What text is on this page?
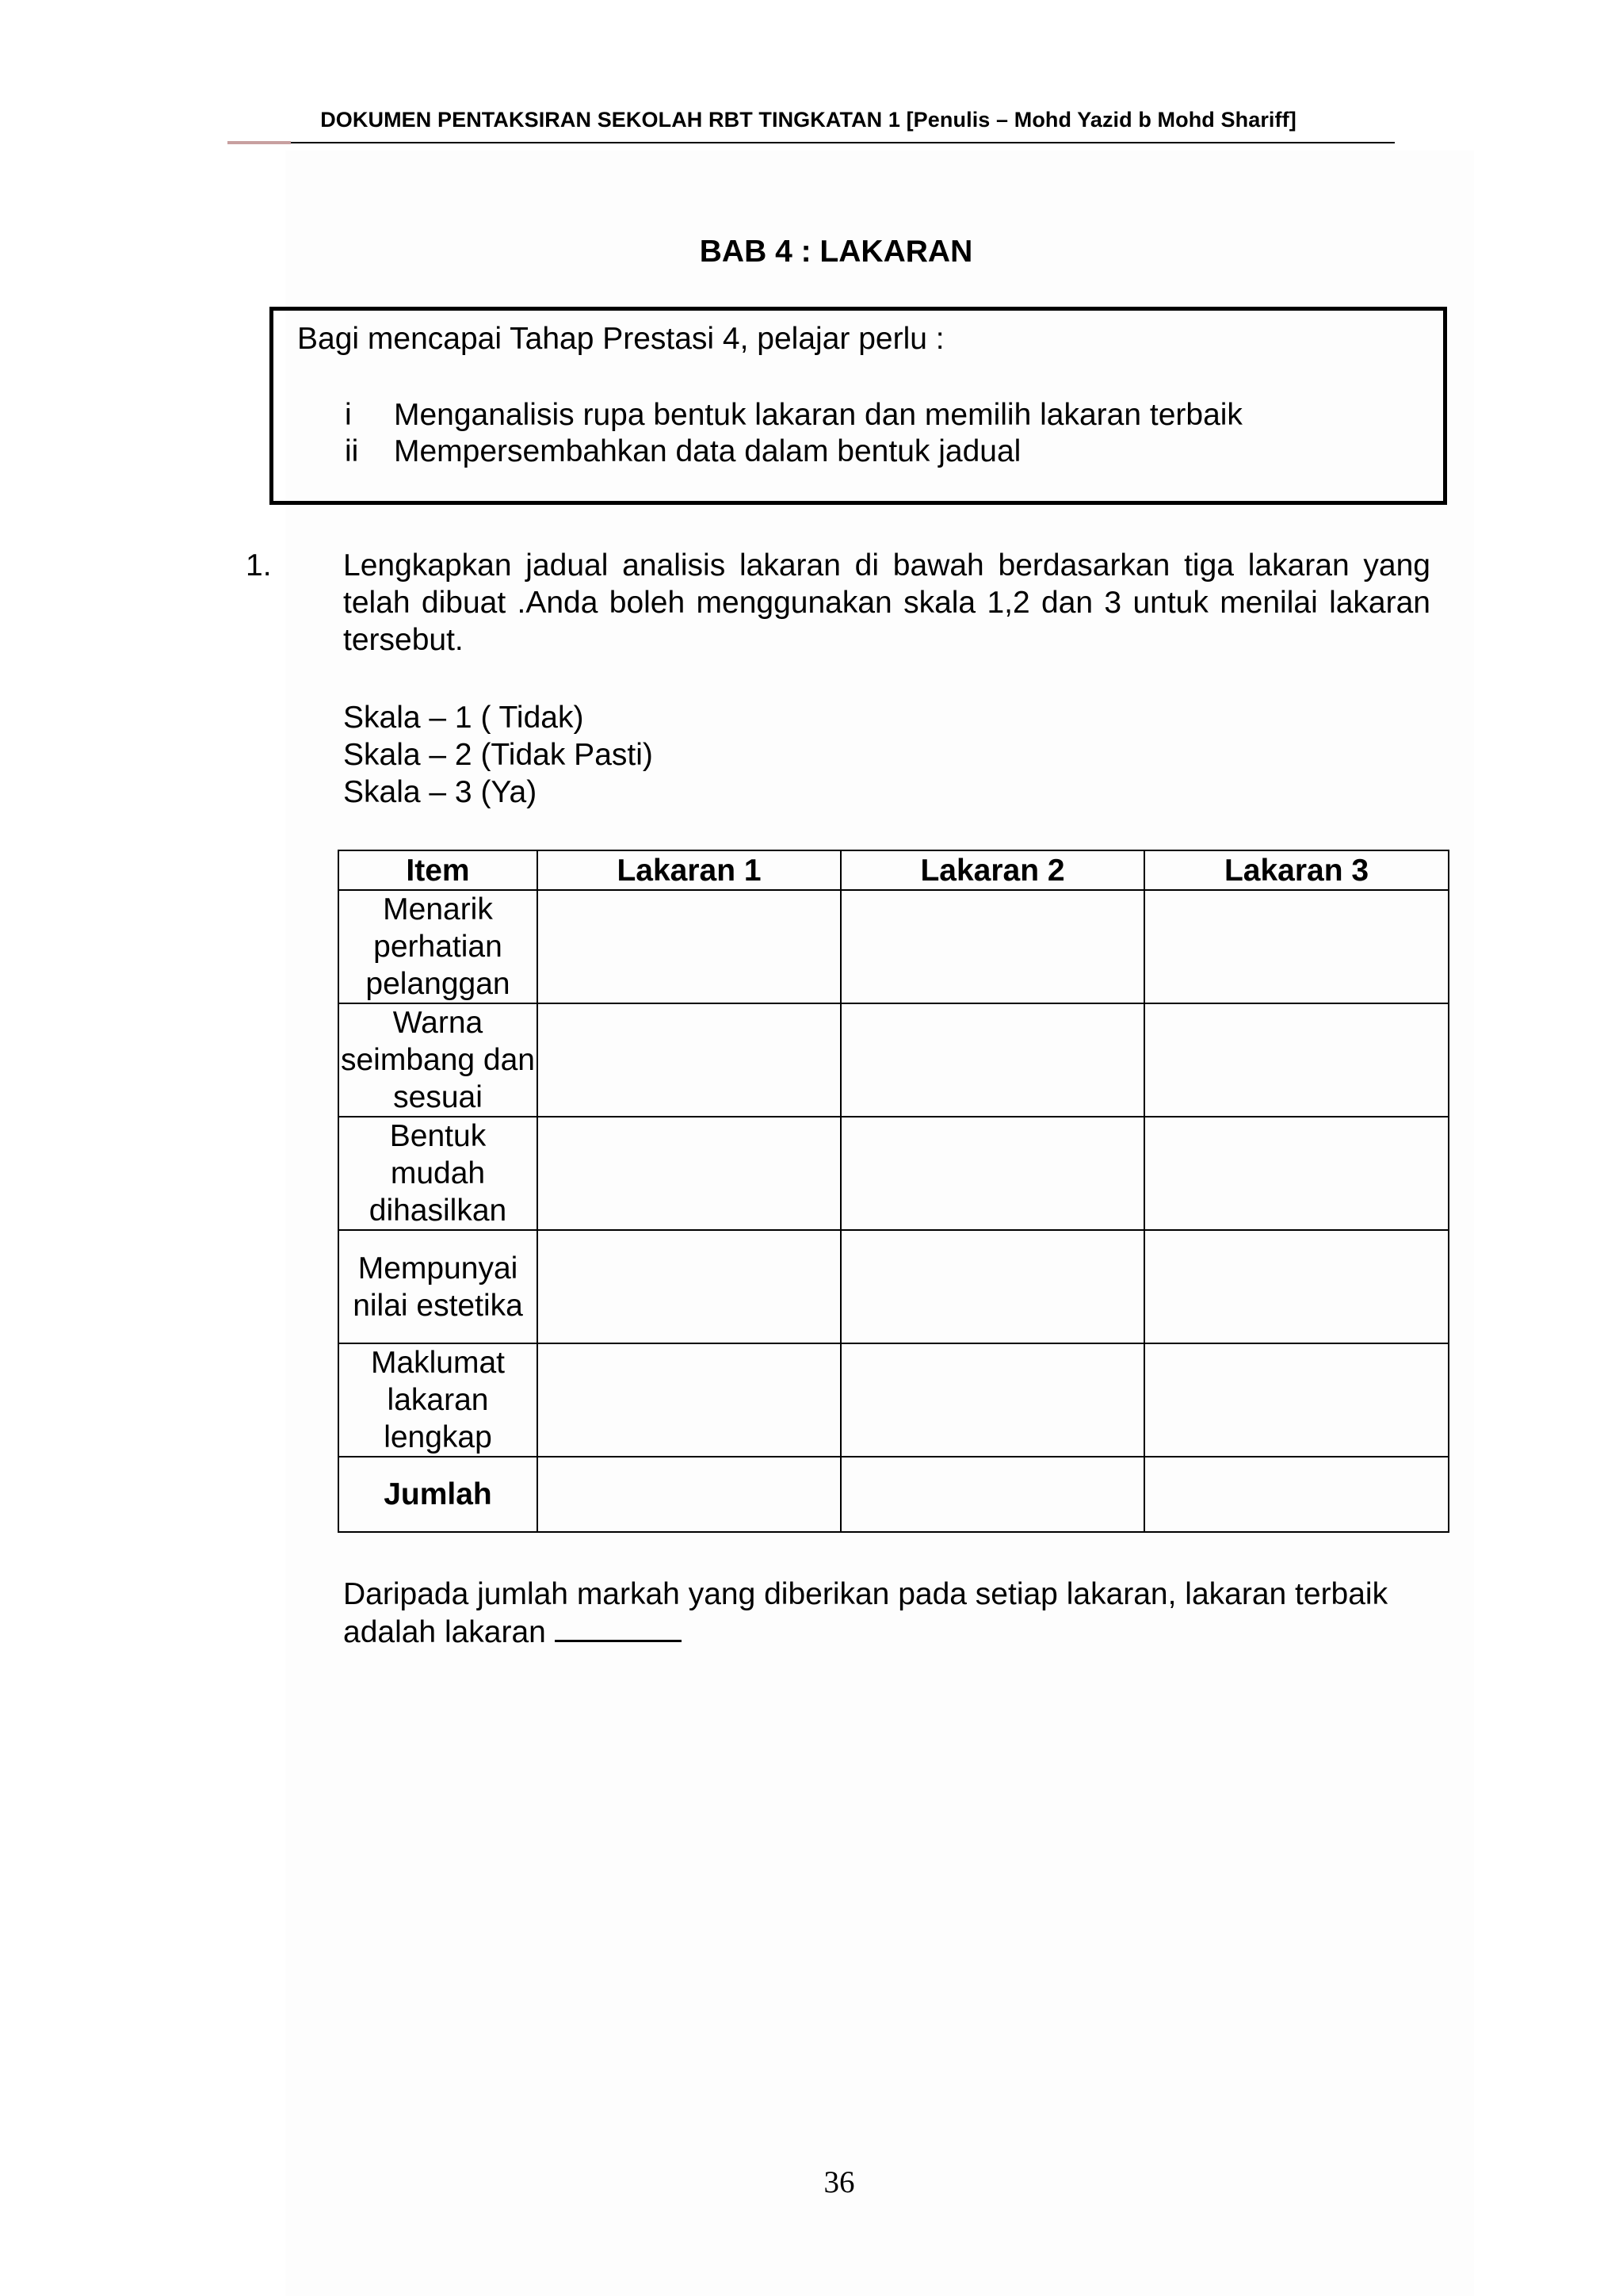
DOKUMEN PENTAKSIRAN SEKOLAH RBT TINGKATAN 1 [Penulis – Mohd Yazid b Mohd Shariff]
BAB 4 : LAKARAN
Bagi mencapai Tahap Prestasi 4, pelajar perlu :
i Menganalisis rupa bentuk lakaran dan memilih lakaran terbaik
ii Mempersembahkan data dalam bentuk jadual
1. Lengkapkan jadual analisis lakaran di bawah berdasarkan tiga lakaran yang telah dibuat .Anda boleh menggunakan skala 1,2 dan 3 untuk menilai lakaran tersebut.
Skala – 1 ( Tidak)
Skala – 2 (Tidak Pasti)
Skala – 3 (Ya)
Item	Lakaran 1	Lakaran 2	Lakaran 3
Menarik perhatian pelanggan			
Warna seimbang dan sesuai			
Bentuk mudah dihasilkan			
Mempunyai nilai estetika			
Maklumat lakaran lengkap			
Jumlah			
Daripada jumlah markah yang diberikan pada setiap lakaran, lakaran terbaik adalah lakaran
36
